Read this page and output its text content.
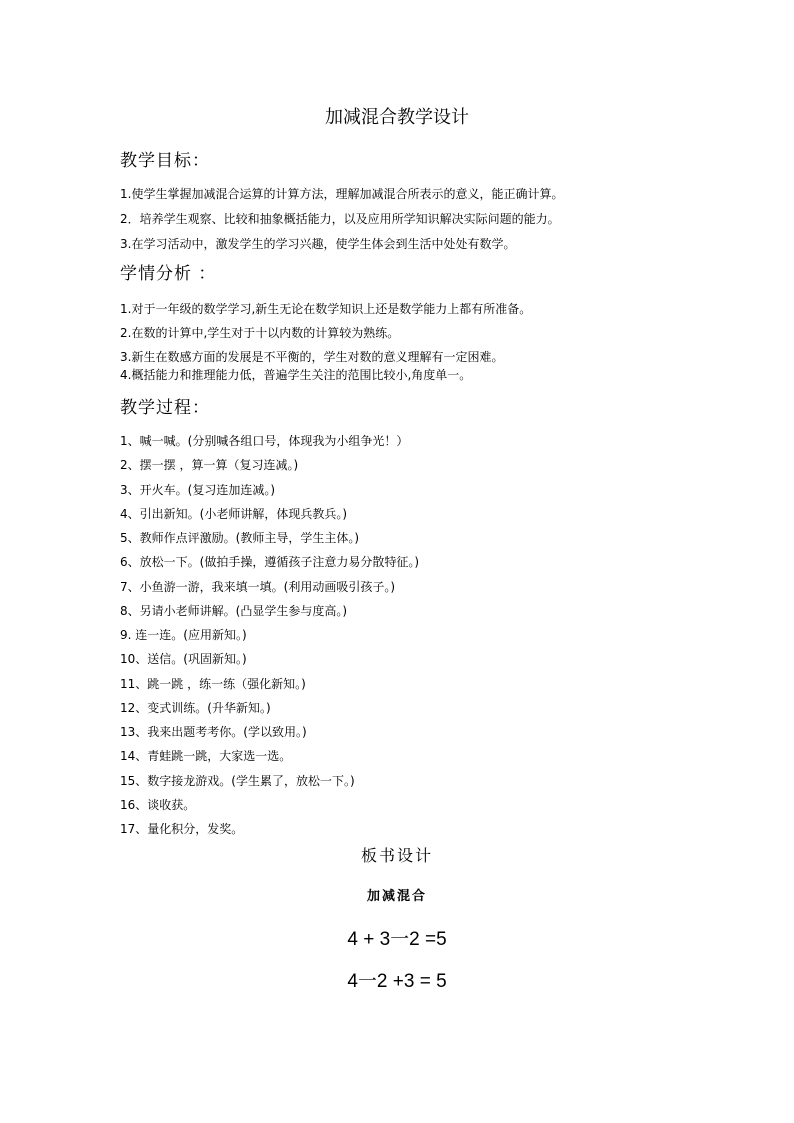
加减混合教学设计
教学目标：
1.使学生掌握加减混合运算的计算方法，理解加减混合所表示的意义，能正确计算。
2．培养学生观察、比较和抽象概括能力，以及应用所学知识解决实际问题的能力。
3.在学习活动中，激发学生的学习兴趣，使学生体会到生活中处处有数学。
学情分析 ：
1.对于一年级的数学学习,新生无论在数学知识上还是数学能力上都有所准备。
2.在数的计算中,学生对于十以内数的计算较为熟练。
3.新生在数感方面的发展是不平衡的，学生对数的意义理解有一定困难。
4.概括能力和推理能力低，普遍学生关注的范围比较小,角度单一。
教学过程：
1、喊一喊。(分别喊各组口号，体现我为小组争光！）
2、摆一摆 ，算一算（复习连减。)
3、开火车。(复习连加连减。)
4、引出新知。(小老师讲解，体现兵教兵。)
5、教师作点评激励。(教师主导，学生主体。)
6、放松一下。(做拍手操，遵循孩子注意力易分散特征。)
7、小鱼游一游，我来填一填。(利用动画吸引孩子。)
8、另请小老师讲解。(凸显学生参与度高。)
9. 连一连。(应用新知。)
10、送信。(巩固新知。)
11、跳一跳 ，练一练（强化新知。)
12、变式训练。(升华新知。)
13、我来出题考考你。(学以致用。)
14、青蛙跳一跳，大家选一选。
15、数字接龙游戏。(学生累了，放松一下。)
16、谈收获。
17、量化积分，发奖。
板书设计
加减混合
4 + 3一2 =5
4一2 +3 = 5
